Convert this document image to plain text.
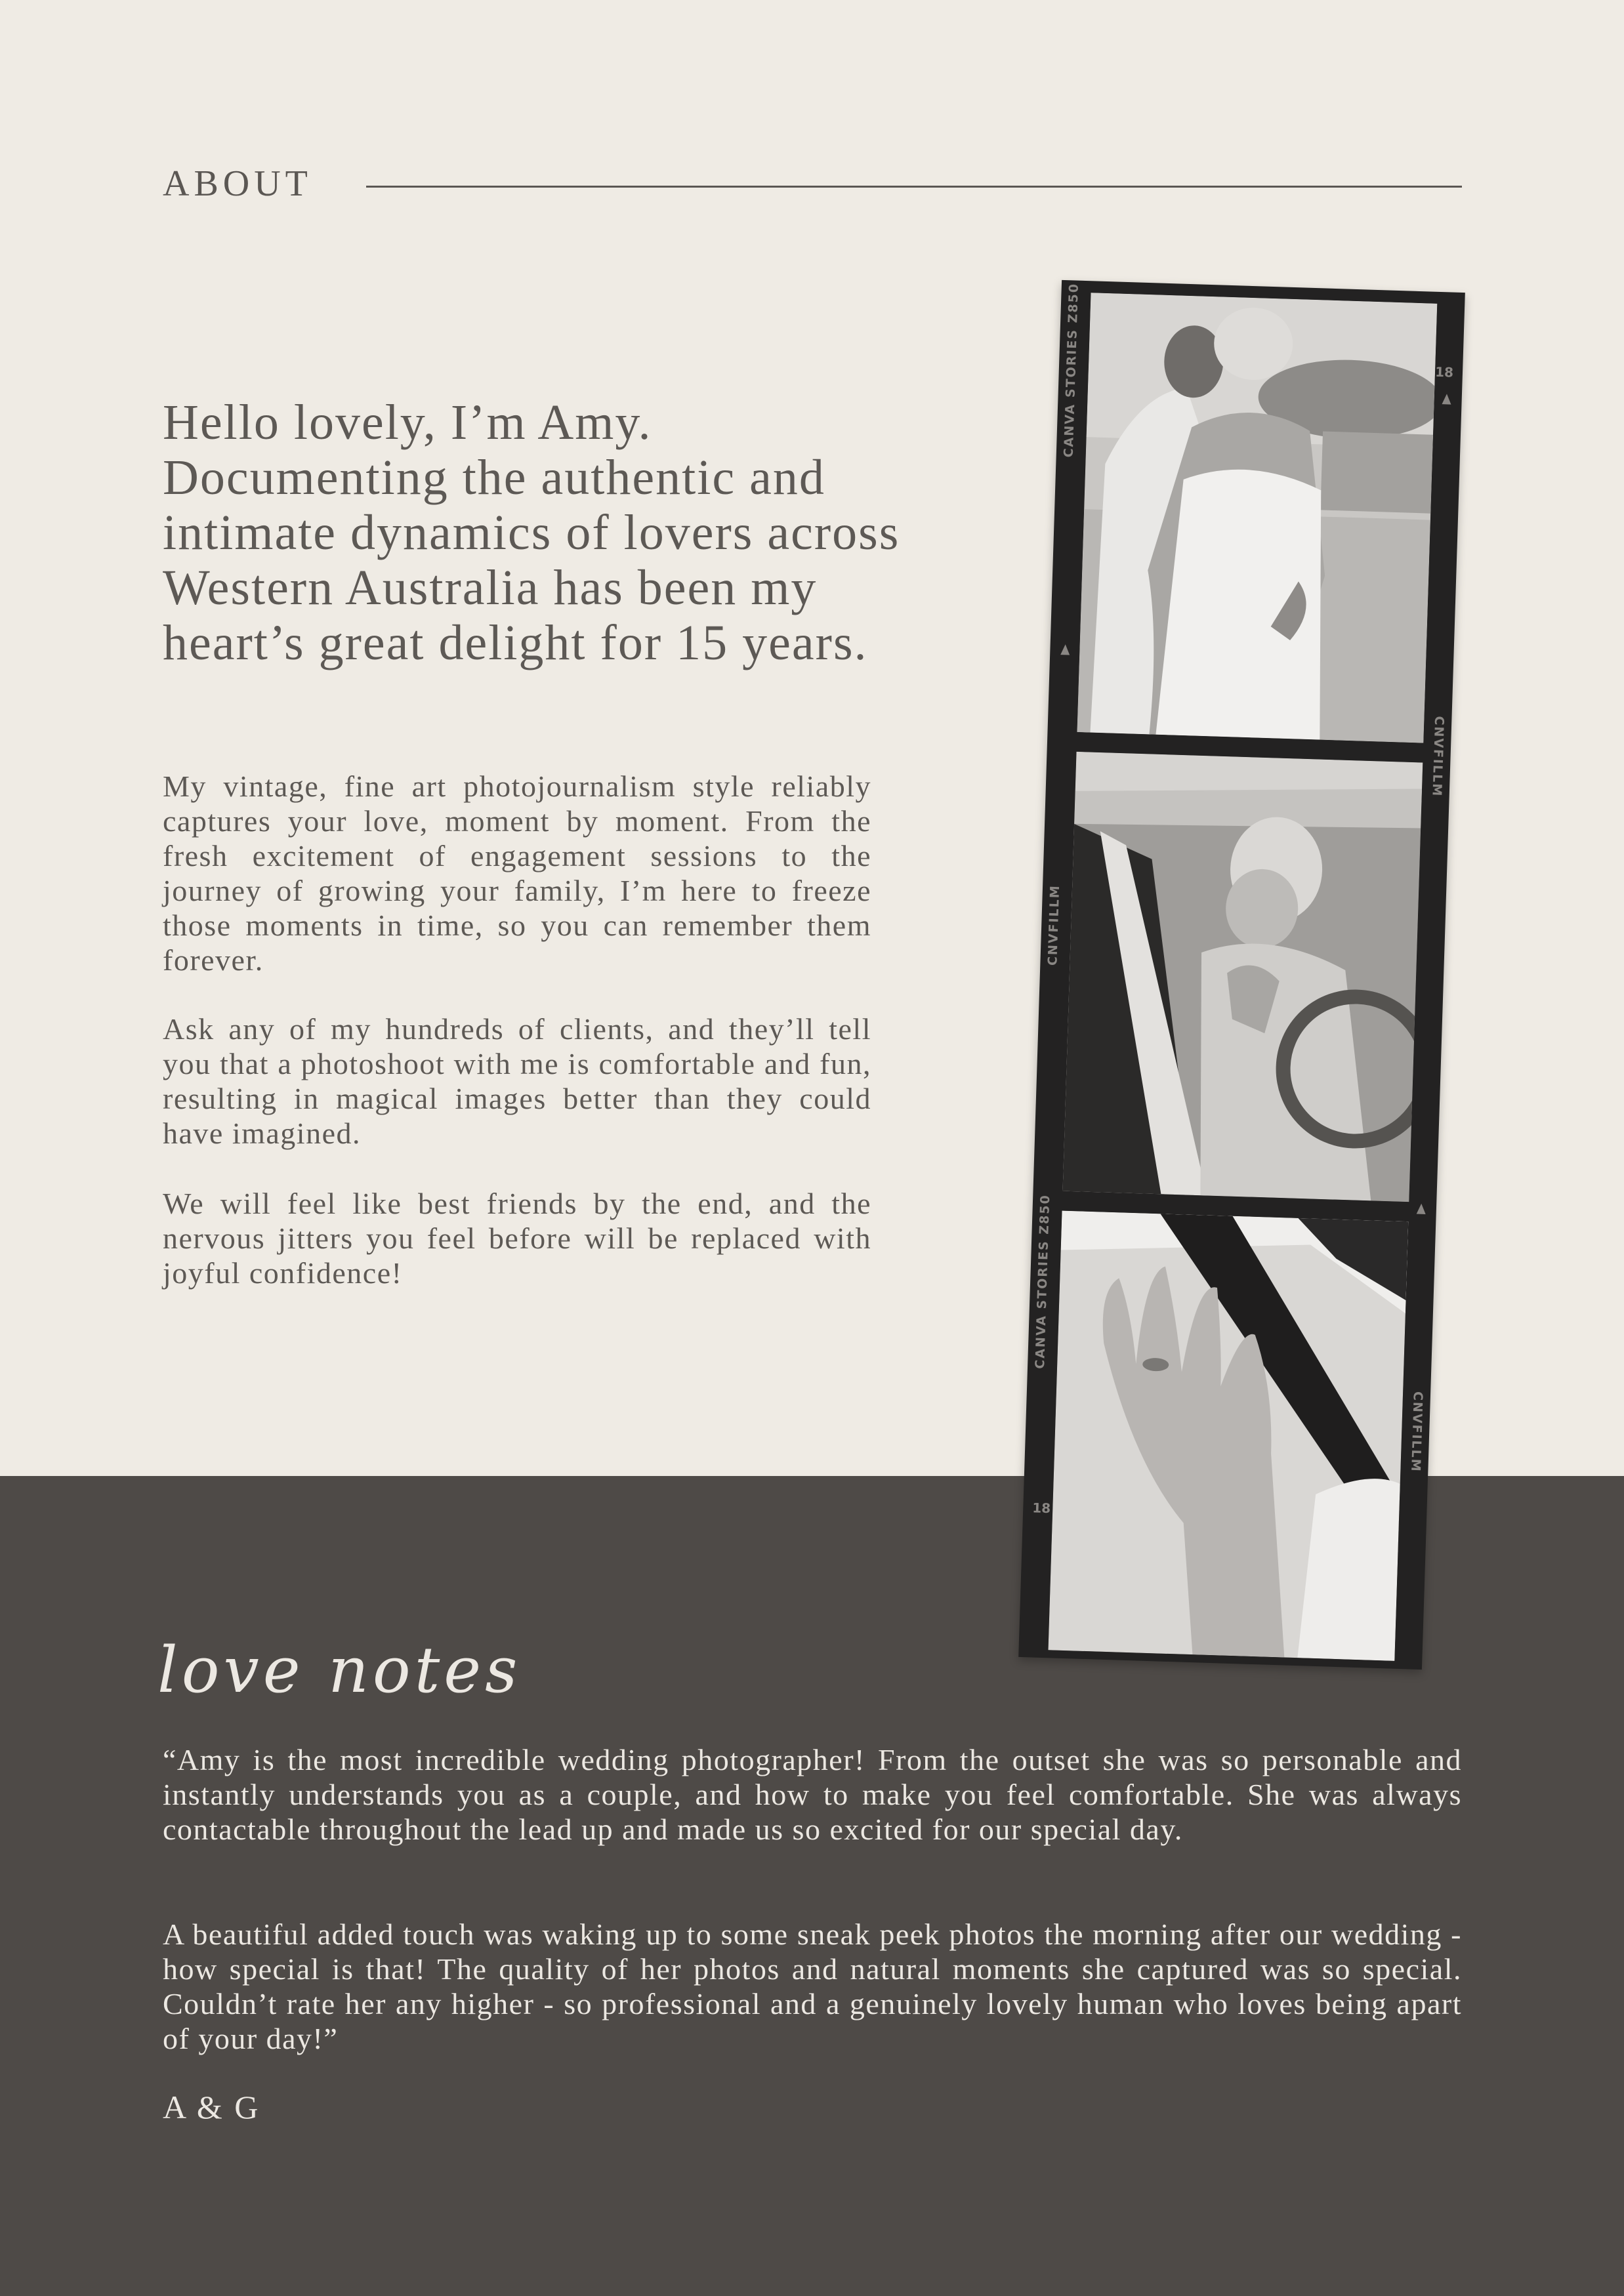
ABOUT
Hello lovely, I’m Amy. Documenting the authentic and intimate dynamics of lovers across Western Australia has been my heart’s great delight for 15 years.

My vintage, fine art photojournalism style reliably captures your love, moment by moment. From the fresh excitement of engagement sessions to the journey of growing your family, I’m here to freeze those moments in time, so you can remember them forever.

Ask any of my hundreds of clients, and they’ll tell you that a photoshoot with me is comfortable and fun, resulting in magical images better than they could have imagined.

We will feel like best friends by the end, and the nervous jitters you feel before will be replaced with joyful confidence!

CANVA STORIES Z850
CNVFILLM
CANVA STORIES Z850
CNVFILLM
CNVFILLM
18
18
love notes

“Amy is the most incredible wedding photographer! From the outset she was so personable and instantly understands you as a couple, and how to make you feel comfortable. She was always contactable throughout the lead up and made us so excited for our special day.

A beautiful added touch was waking up to some sneak peek photos the morning after our wedding - how special is that! The quality of her photos and natural moments she captured was so special. Couldn’t rate her any higher - so professional and a genuinely lovely human who loves being apart of your day!”

A & G
